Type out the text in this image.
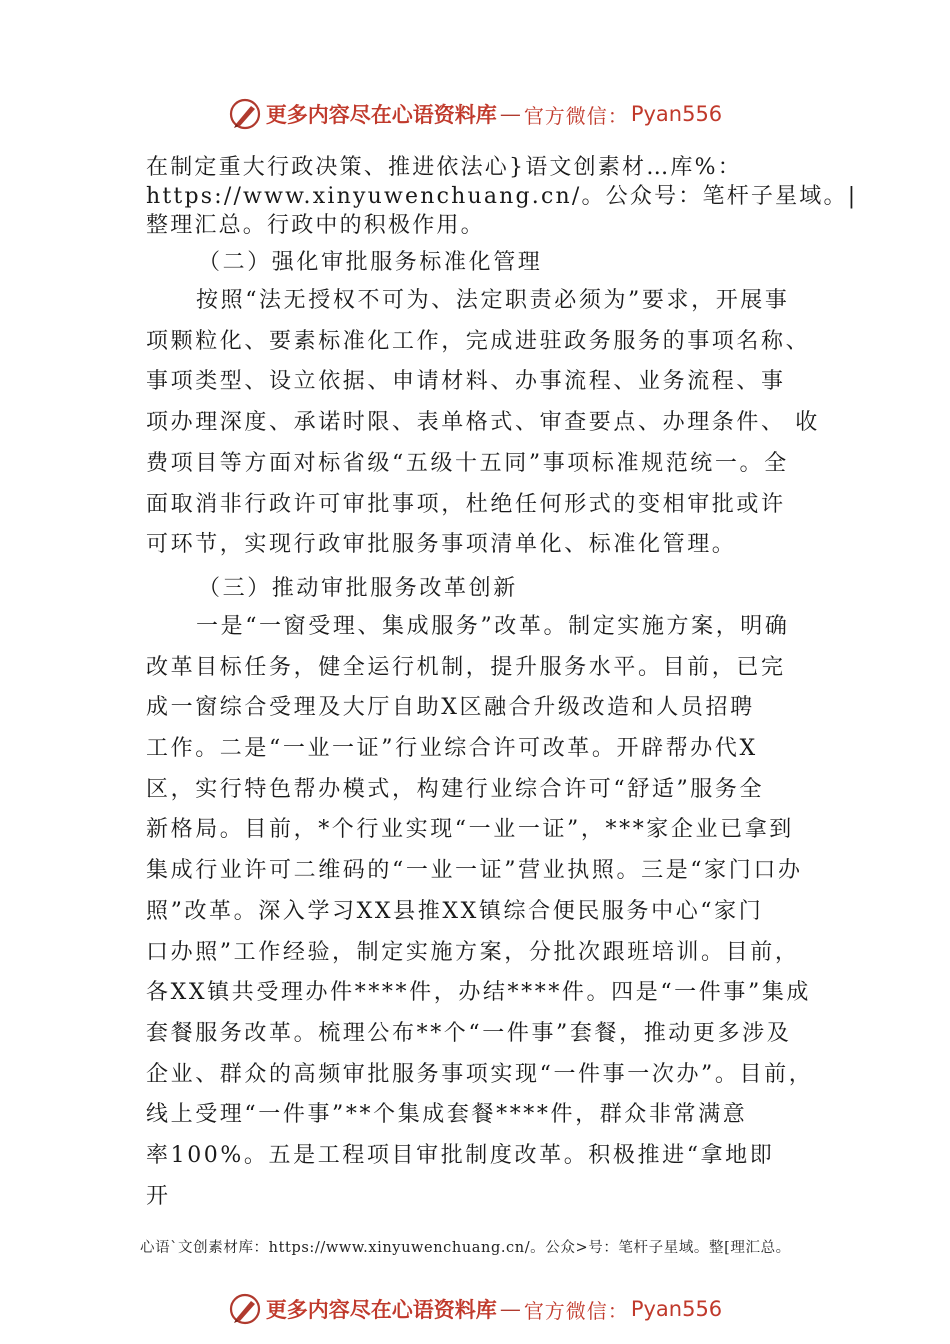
更多内容尽在心语资料库 — 官方微信： Pyan556
在制定重大行政决策、推进依法心}语文创素材…库%：
https://www.xinyuwenchuang.cn/。公众号：笔杆子星域。|
整理汇总。行政中的积极作用。
（二）强化审批服务标准化管理
按照“法无授权不可为、法定职责必须为”要求，开展事
项颗粒化、要素标准化工作，完成进驻政务服务的事项名称、
事项类型、设立依据、申请材料、办事流程、业务流程、事
项办理深度、承诺时限、表单格式、审查要点、办理条件、 收
费项目等方面对标省级“五级十五同”事项标准规范统一。全
面取消非行政许可审批事项，杜绝任何形式的变相审批或许
可环节，实现行政审批服务事项清单化、标准化管理。
（三）推动审批服务改革创新
一是“一窗受理、集成服务”改革。制定实施方案，明确
改革目标任务，健全运行机制，提升服务水平。目前，已完
成一窗综合受理及大厅自助X区融合升级改造和人员招聘
工作。二是“一业一证”行业综合许可改革。开辟帮办代X
区，实行特色帮办模式，构建行业综合许可“舒适”服务全
新格局。目前，*个行业实现“一业一证”，***家企业已拿到
集成行业许可二维码的“一业一证”营业执照。三是“家门口办
照”改革。深入学习XX县推XX镇综合便民服务中心“家门
口办照”工作经验，制定实施方案，分批次跟班培训。目前，
各XX镇共受理办件****件，办结****件。四是“一件事”集成
套餐服务改革。梳理公布**个“一件事”套餐，推动更多涉及
企业、群众的高频审批服务事项实现“一件事一次办”。目前，
线上受理“一件事”**个集成套餐****件，群众非常满意
率100%。五是工程项目审批制度改革。积极推进“拿地即
开
心语`文创素材库：https://www.xinyuwenchuang.cn/。公众>号：笔杆子星域。整[理汇总。
更多内容尽在心语资料库 — 官方微信： Pyan556
